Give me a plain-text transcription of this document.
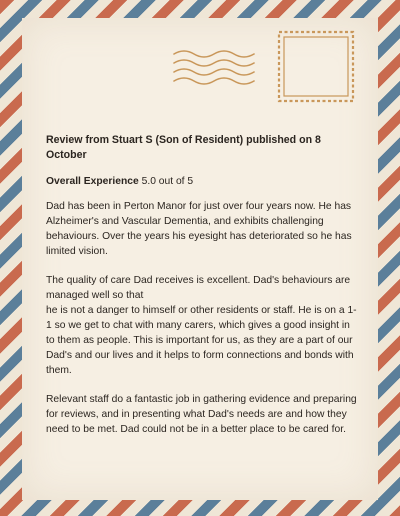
Review from Stuart S (Son of Resident) published on 8 October

Overall Experience 5.0 out of 5

Dad has been in Perton Manor for just over four years now. He has Alzheimer's and Vascular Dementia, and exhibits challenging behaviours. Over the years his eyesight has deteriorated so he has limited vision.

The quality of care Dad receives is excellent. Dad's behaviours are managed well so that
he is not a danger to himself or other residents or staff. He is on a 1-1 so we get to chat with many carers, which gives a good insight in to them as people. This is important for us, as they are a part of our Dad's and our lives and it helps to form connections and bonds with them.

Relevant staff do a fantastic job in gathering evidence and preparing for reviews, and in presenting what Dad's needs are and how they need to be met. Dad could not be in a better place to be cared for.
